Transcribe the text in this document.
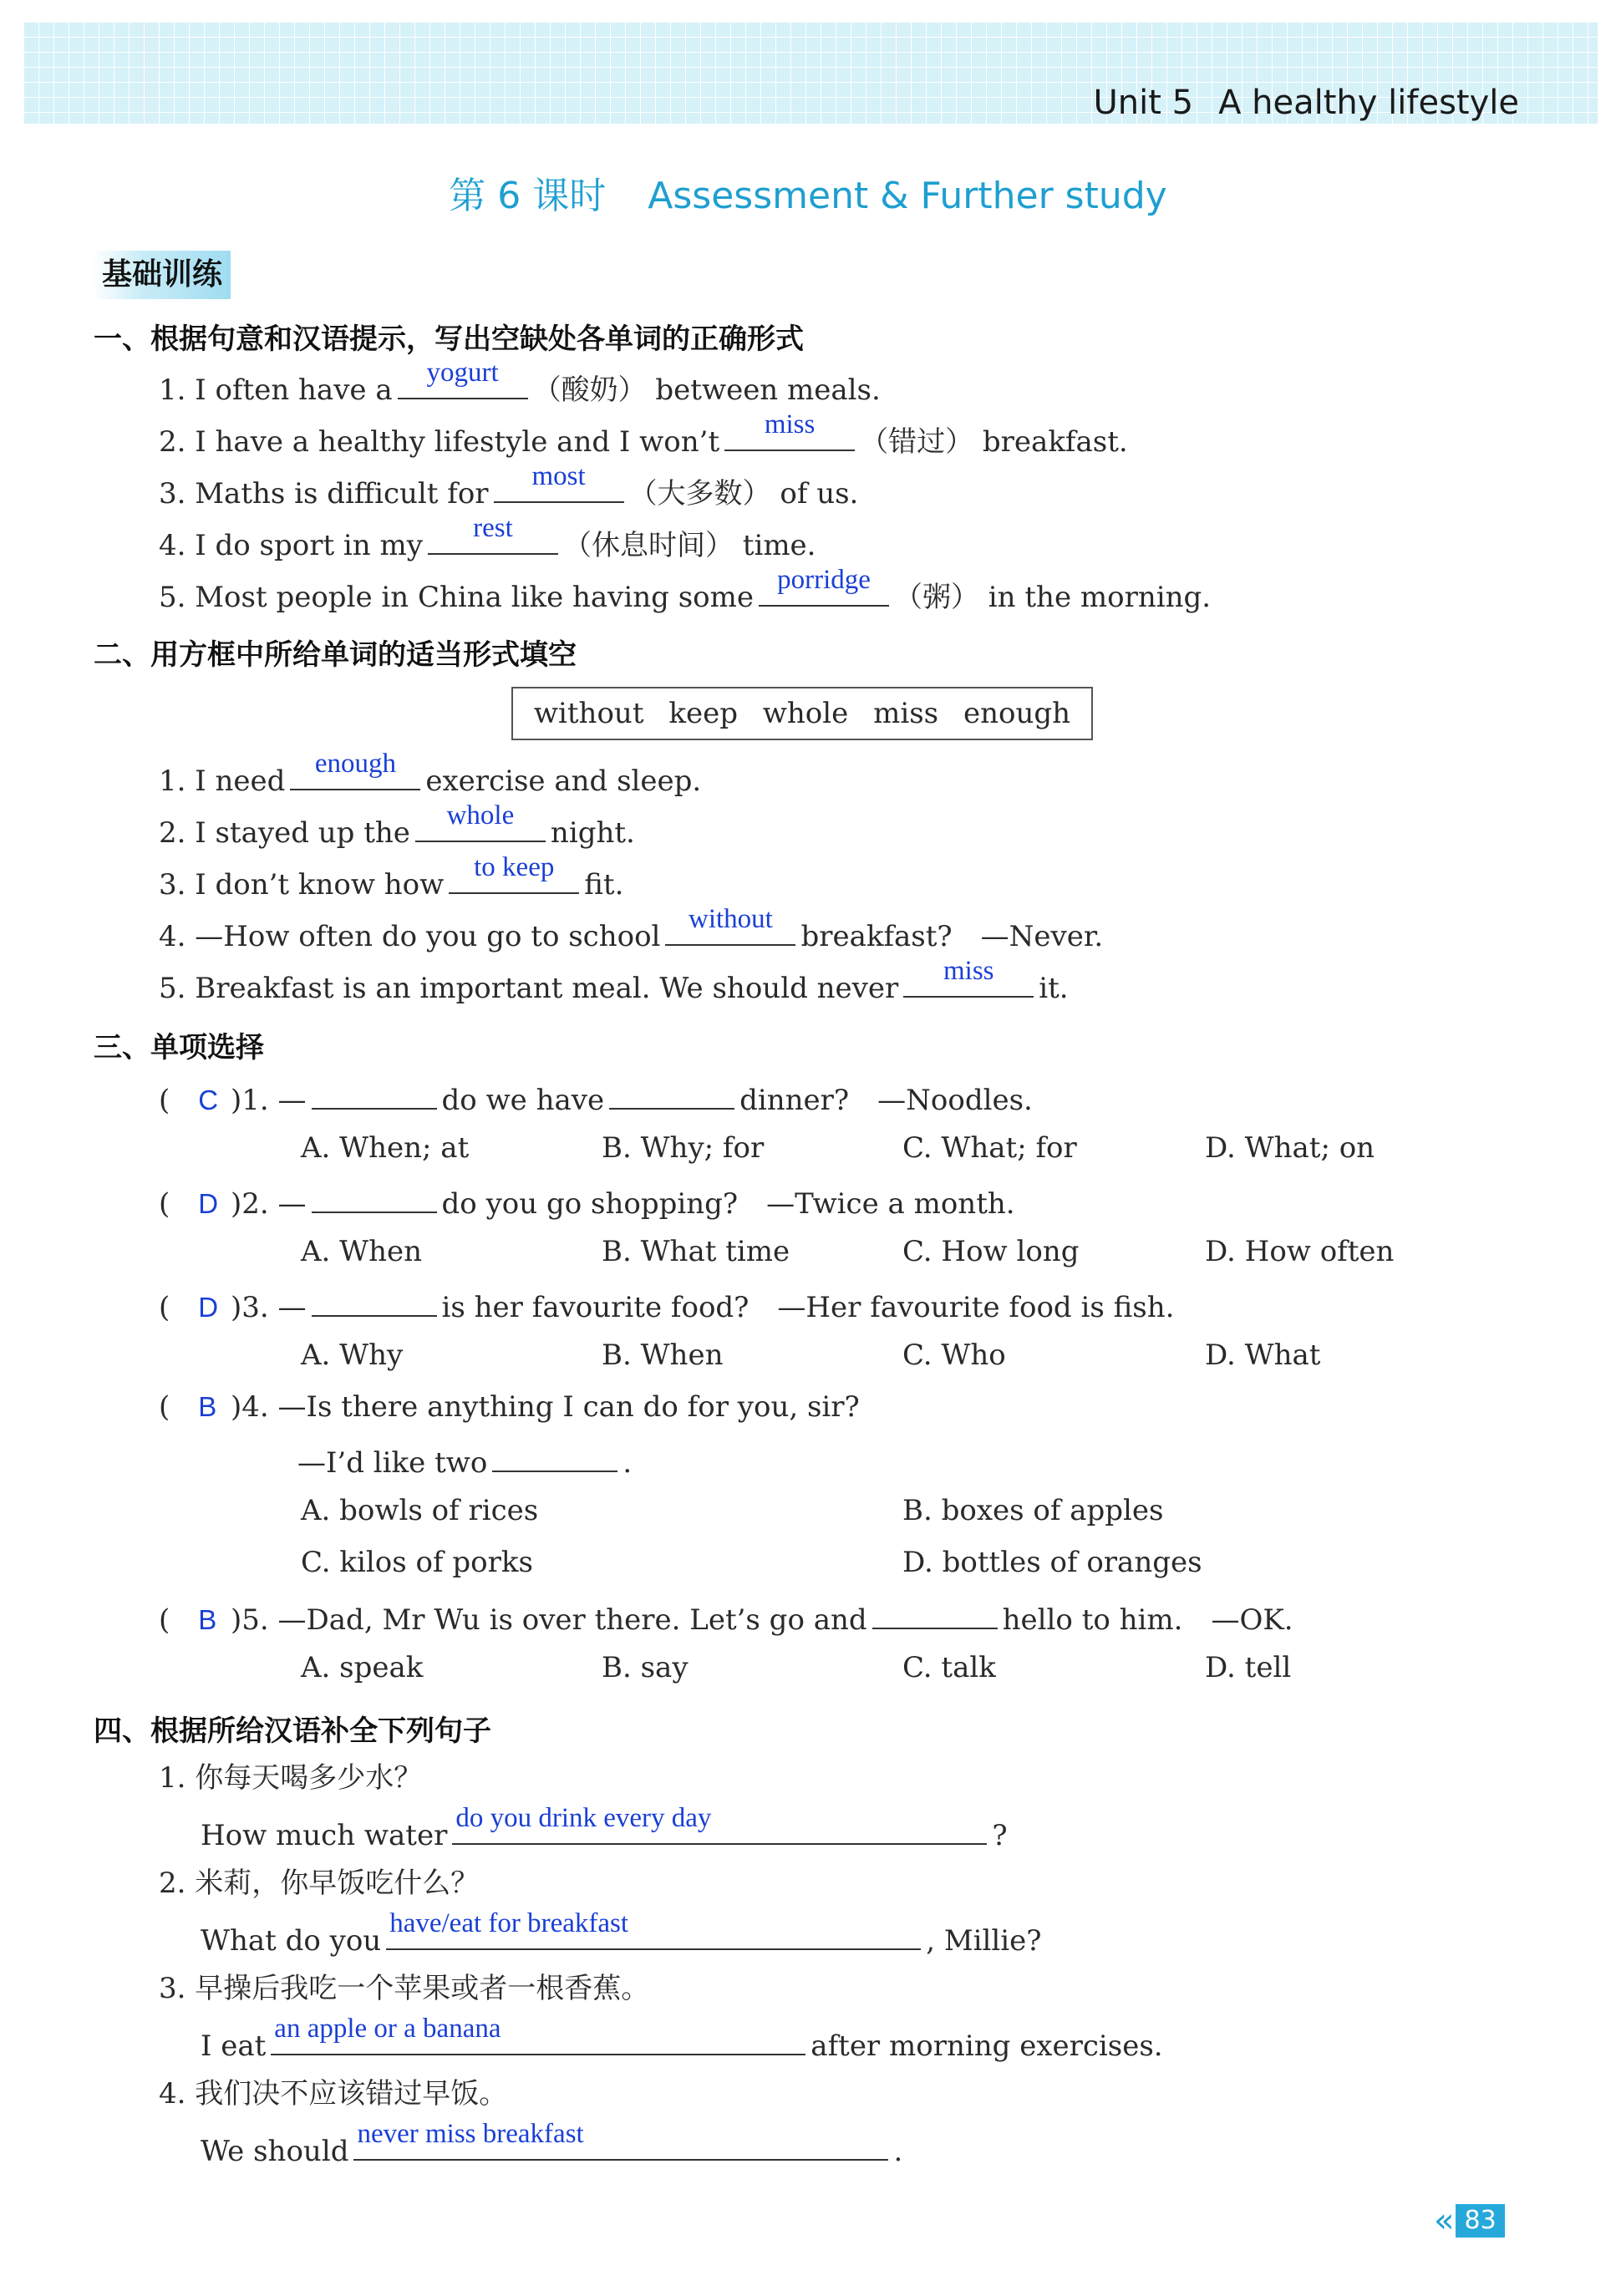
Unit 5 A healthy lifestyle
第 6 课时 Assessment & Further study
基础训练
一、根据句意和汉语提示，写出空缺处各单词的正确形式
1. I often have a
yogurt
（酸奶） between meals.
2. I have a healthy lifestyle and I won’t
miss
（错过） breakfast.
3. Maths is difficult for
most
（大多数） of us.
4. I do sport in my
rest
（休息时间） time.
5. Most people in China like having some
porridge
（粥） in the morning.
二、用方框中所给单词的适当形式填空
without keep whole miss enough
1. I need
enough
exercise and sleep.
2. I stayed up the
whole
night.
3. I don’t know how
to keep
fit.
4. —How often do you go to school
without
breakfast?　—Never.
5. Breakfast is an important meal. We should never
miss
it.
三、单项选择
(　C )1. —	do we have	dinner?　—Noodles.
A. When; at	B. Why; for	C. What; for	D. What; on
(　D )2. —	do you go shopping?　—Twice a month.
A. When	B. What time	C. How long	D. How often
(　D )3. —	is her favourite food?　—Her favourite food is fish.
A. Why	B. When	C. Who	D. What
(　B )4. —Is there anything I can do for you, sir?
—I’d like two	.
A. bowls of rices	B. boxes of apples
C. kilos of porks	D. bottles of oranges
(　B )5. —Dad, Mr Wu is over there. Let’s go and	hello to him.　—OK.
A. speak	B. say	C. talk	D. tell
四、根据所给汉语补全下列句子
1. 你每天喝多少水？
How much water
do you drink every day
?
2. 米莉，你早饭吃什么？
What do you
have/eat for breakfast
, Millie?
3. 早操后我吃一个苹果或者一根香蕉。
I eat
an apple or a banana
after morning exercises.
4. 我们决不应该错过早饭。
We should
never miss breakfast
.
« 83
